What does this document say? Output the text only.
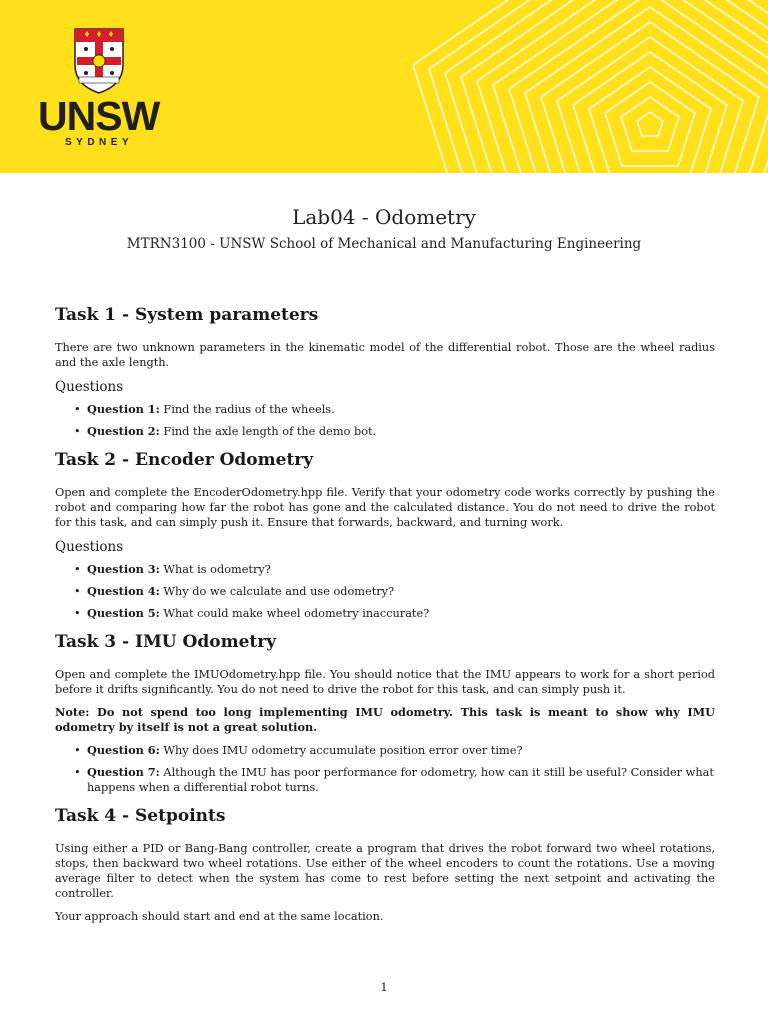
UNSW
SYDNEY
Lab04 - Odometry
MTRN3100 - UNSW School of Mechanical and Manufacturing Engineering
Task 1 - System parameters

There are two unknown parameters in the kinematic model of the differential robot. Those are the wheel radius and the axle length.

Questions
• Question 1: Find the radius of the wheels.
• Question 2: Find the axle length of the demo bot.
Task 2 - Encoder Odometry

Open and complete the EncoderOdometry.hpp file. Verify that your odometry code works correctly by pushing the robot and comparing how far the robot has gone and the calculated distance. You do not need to drive the robot for this task, and can simply push it. Ensure that forwards, backward, and turning work.

Questions
• Question 3: What is odometry?
• Question 4: Why do we calculate and use odometry?
• Question 5: What could make wheel odometry inaccurate?
Task 3 - IMU Odometry

Open and complete the IMUOdometry.hpp file. You should notice that the IMU appears to work for a short period before it drifts significantly. You do not need to drive the robot for this task, and can simply push it.

Note: Do not spend too long implementing IMU odometry. This task is meant to show why IMU odometry by itself is not a great solution.

• Question 6: Why does IMU odometry accumulate position error over time?
• Question 7: Although the IMU has poor performance for odometry, how can it still be useful? Consider what happens when a differential robot turns.
Task 4 - Setpoints

Using either a PID or Bang-Bang controller, create a program that drives the robot forward two wheel rotations, stops, then backward two wheel rotations. Use either of the wheel encoders to count the rotations. Use a moving average filter to detect when the system has come to rest before setting the next setpoint and activating the controller.

Your approach should start and end at the same location.

1
